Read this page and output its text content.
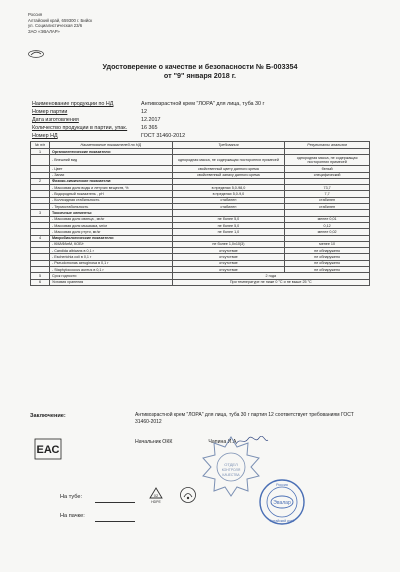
Россия
Алтайский край, 659300 г. Бийск
ул. Социалистическая 23/6
ЗАО «ЭВАЛАР»
Удостоверение о качестве и безопасности № Б-003354
от "9" января 2018 г.
Наименование продукции по НД	Антивозрастной крем "ЛОРА" для лица, туба 30 г
Номер партии	12
Дата изготовления	12.2017
Количество продукции в партии, упак.	16 365
Номер НД	ГОСТ 31460-2012
№ п/п	Наименование показателей по НД	Требования	Результаты анализов
1	Органолептические показатели:		
	- Внешний вид	однородная масса, не содержащая посторонних примесей	однородная масса, не содержащая посторонних примесей
	- Цвет	свойственный цвету данного крема	белый
	- Запах	свойственный запаху данного крема	специфический
2	Физико-химические показатели:		
	- Массовая доля воды и летучих веществ, %	в пределах 5,0-98,0	73,7
	- Водородный показатель , pH	в пределах 5,0-9,0	7,7
	- Коллоидная стабильность	стабилен	стабилен
	- Термостабильность	стабилен	стабилен
3	Токсичные элементы:		
	- Массовая доля свинца , мг/кг	не более 5,0	менее 0,01
	- Массовая доля мышьяка, мг/кг	не более 5,0	0,12
	- Массовая доля ртути, мг/кг	не более 1,0	менее 0,02
4	Микробиологические показатели:		
	- КМАФАнМ, КОЕ/г	не более 1,0x10(3)	менее 10
	- Candida albicans в 0,1 г	отсутствие	не обнаружено
	- Escherichia coli в 0,1 г	отсутствие	не обнаружено
	- Pseudomonas aeruginosa в 0,1 г	отсутствие	не обнаружено
	- Staphylococcus aureus в 0,1 г	отсутствие	не обнаружено
5	Срок годности	2 года	
6	Условия хранения	При температуре не ниже 0 °С и не выше 25 °С	
Заключение:	Антивозрастной крем "ЛОРА" для лица, туба 30 г партия 12 соответствует требованиям ГОСТ 31460-2012
Начальник ОКК                         Чапина И.А.
ЕАС
На тубе:
На пачке:
02
HDPE
ОТДЕЛ
КОНТРОЛЯ
КАЧЕСТВА
Эвалар
Россия
Алтайский край
